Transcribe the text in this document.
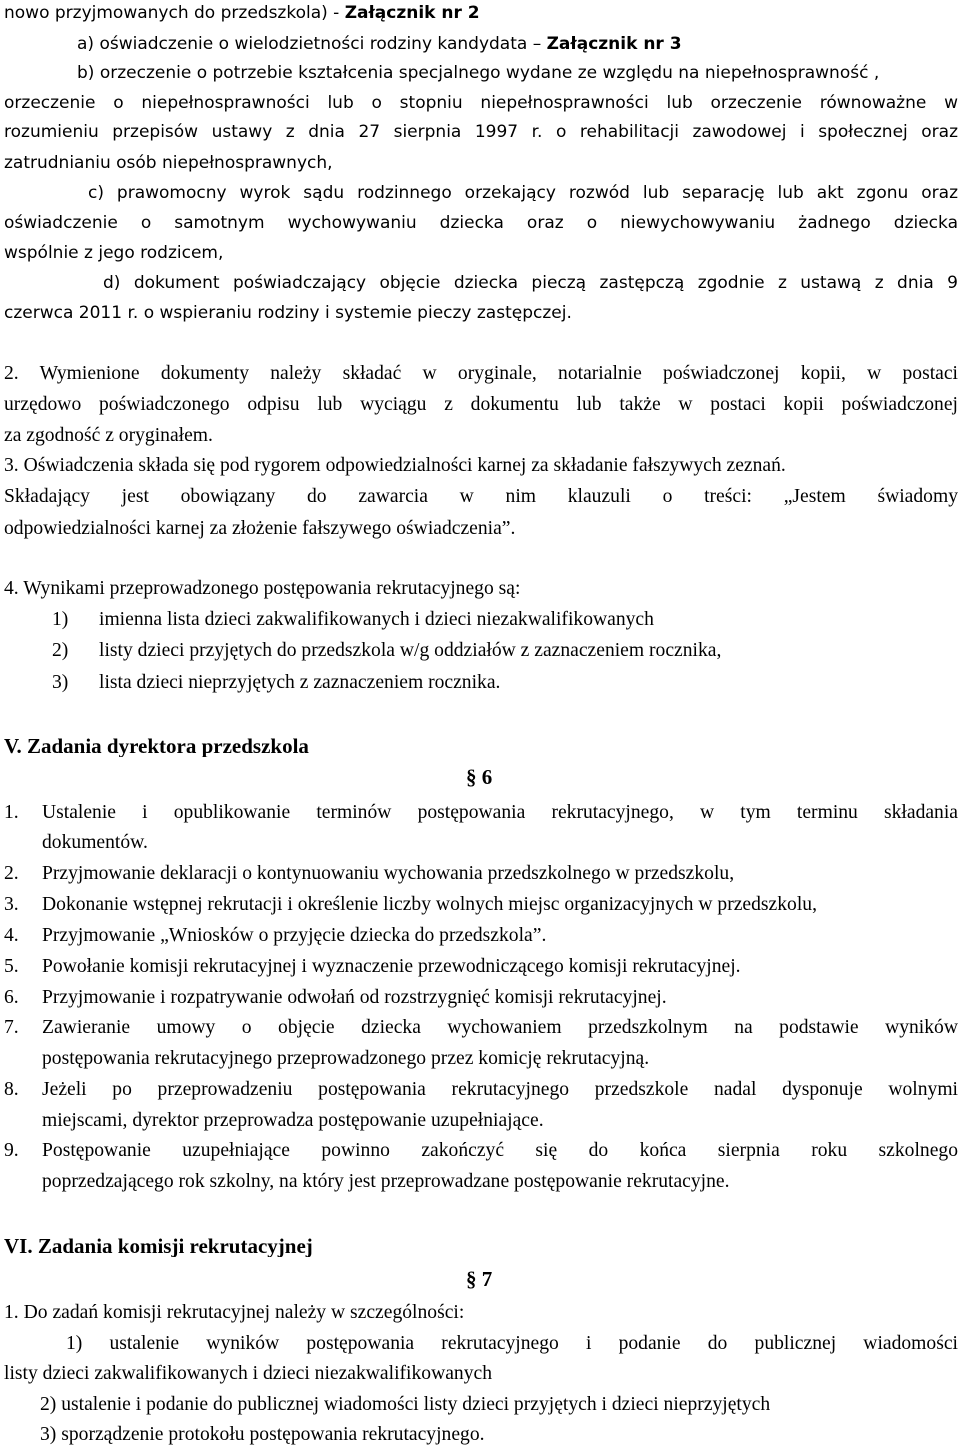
nowo przyjmowanych do przedszkola) - Załącznik nr 2
a) oświadczenie o wielodzietności rodziny kandydata – Załącznik nr 3
b) orzeczenie o potrzebie kształcenia specjalnego wydane ze względu na niepełnosprawność ,
orzeczenie o niepełnosprawności lub o stopniu niepełnosprawności lub orzeczenie równoważne w
rozumieniu przepisów ustawy z dnia 27 sierpnia 1997 r. o rehabilitacji zawodowej i społecznej oraz
zatrudnianiu osób niepełnosprawnych,
c) prawomocny wyrok sądu rodzinnego orzekający rozwód lub separację lub akt zgonu oraz
oświadczenie o samotnym wychowywaniu dziecka oraz o niewychowywaniu żadnego dziecka
wspólnie z jego rodzicem,
d) dokument poświadczający objęcie dziecka pieczą zastępczą zgodnie z ustawą z dnia 9
czerwca 2011 r. o wspieraniu rodziny i systemie pieczy zastępczej.
2. Wymienione dokumenty należy składać w oryginale, notarialnie poświadczonej kopii, w postaci
urzędowo poświadczonego odpisu lub wyciągu z dokumentu lub także w postaci kopii poświadczonej
za zgodność z oryginałem.
3. Oświadczenia składa się pod rygorem odpowiedzialności karnej za składanie fałszywych zeznań.
Składający jest obowiązany do zawarcia w nim klauzuli o treści: „Jestem świadomy
odpowiedzialności karnej za złożenie fałszywego oświadczenia”.
4. Wynikami przeprowadzonego postępowania rekrutacyjnego są:
1) imienna lista dzieci zakwalifikowanych i dzieci niezakwalifikowanych
2) listy dzieci przyjętych do przedszkola w/g oddziałów z zaznaczeniem rocznika,
3) lista dzieci nieprzyjętych z zaznaczeniem rocznika.
V. Zadania dyrektora przedszkola
§ 6
1. Ustalenie i opublikowanie terminów postępowania rekrutacyjnego, w tym terminu składania
dokumentów.
2. Przyjmowanie deklaracji o kontynuowaniu wychowania przedszkolnego w przedszkolu,
3. Dokonanie wstępnej rekrutacji i określenie liczby wolnych miejsc organizacyjnych w przedszkolu,
4. Przyjmowanie „Wniosków o przyjęcie dziecka do przedszkola”.
5. Powołanie komisji rekrutacyjnej i wyznaczenie przewodniczącego komisji rekrutacyjnej.
6. Przyjmowanie i rozpatrywanie odwołań od rozstrzygnięć komisji rekrutacyjnej.
7. Zawieranie umowy o objęcie dziecka wychowaniem przedszkolnym na podstawie wyników
postępowania rekrutacyjnego przeprowadzonego przez komicję rekrutacyjną.
8. Jeżeli po przeprowadzeniu postępowania rekrutacyjnego przedszkole nadal dysponuje wolnymi
miejscami, dyrektor przeprowadza postępowanie uzupełniające.
9. Postępowanie uzupełniające powinno zakończyć się do końca sierpnia roku szkolnego
poprzedzającego rok szkolny, na który jest przeprowadzane postępowanie rekrutacyjne.
VI. Zadania komisji rekrutacyjnej
§ 7
1. Do zadań komisji rekrutacyjnej należy w szczególności:
1) ustalenie wyników postępowania rekrutacyjnego i podanie do publicznej wiadomości
listy dzieci zakwalifikowanych i dzieci niezakwalifikowanych
2) ustalenie i podanie do publicznej wiadomości listy dzieci przyjętych i dzieci nieprzyjętych
3) sporządzenie protokołu postępowania rekrutacyjnego.
